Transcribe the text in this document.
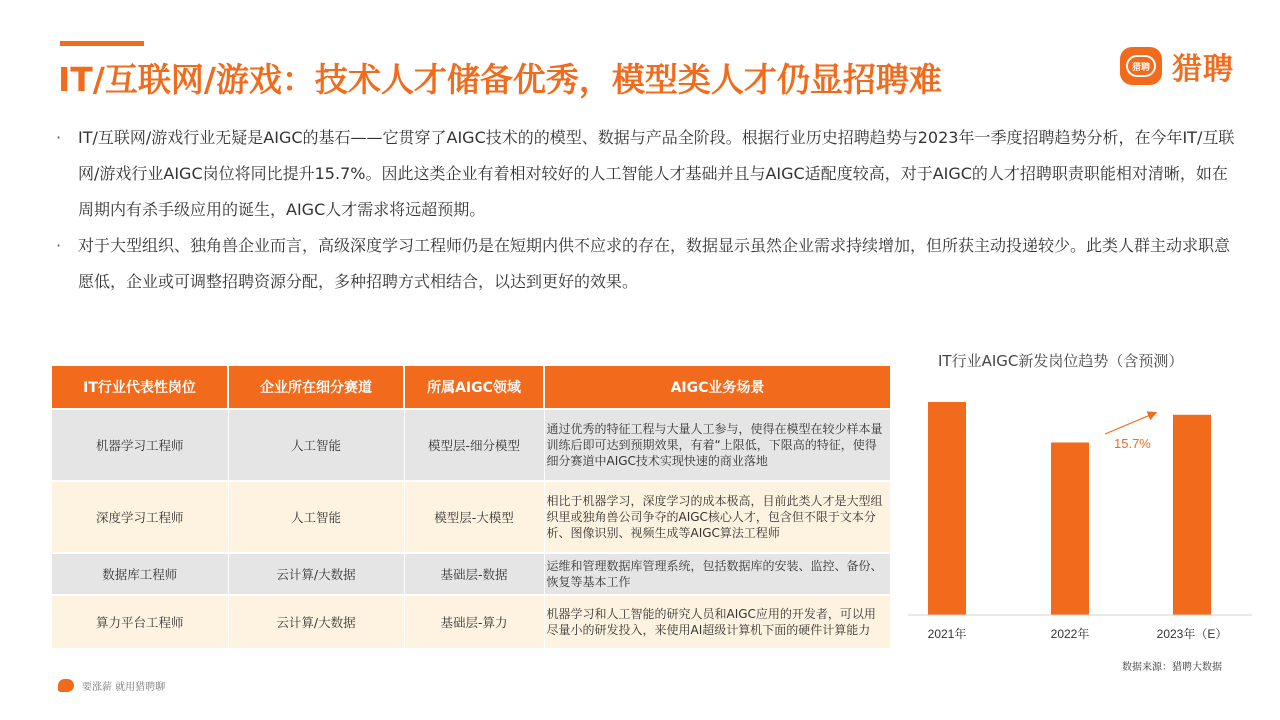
IT/互联网/游戏：技术人才储备优秀，模型类人才仍显招聘难	猎聘 猎聘
· IT/互联网/游戏行业无疑是AIGC的基石——它贯穿了AIGC技术的的模型、数据与产品全阶段。根据行业历史招聘趋势与2023年一季度招聘趋势分析，在今年IT/互联网/游戏行业AIGC岗位将同比提升15.7%。因此这类企业有着相对较好的人工智能人才基础并且与AIGC适配度较高，对于AIGC的人才招聘职责职能相对清晰，如在周期内有杀手级应用的诞生，AIGC人才需求将远超预期。
· 对于大型组织、独角兽企业而言，高级深度学习工程师仍是在短期内供不应求的存在，数据显示虽然企业需求持续增加，但所获主动投递较少。此类人群主动求职意愿低，企业或可调整招聘资源分配，多种招聘方式相结合，以达到更好的效果。
IT行业代表性岗位	企业所在细分赛道	所属AIGC领域	AIGC业务场景
机器学习工程师	人工智能	模型层-细分模型	通过优秀的特征工程与大量人工参与，使得在模型在较少样本量训练后即可达到预期效果，有着“上限低，下限高的特征，使得细分赛道中AIGC技术实现快速的商业落地
深度学习工程师	人工智能	模型层-大模型	相比于机器学习，深度学习的成本极高，目前此类人才是大型组织里或独角兽公司争夺的AIGC核心人才，包含但不限于文本分析、图像识别、视频生成等AIGC算法工程师
数据库工程师	云计算/大数据	基础层-数据	运维和管理数据库管理系统，包括数据库的安装、监控、备份、恢复等基本工作
算力平台工程师	云计算/大数据	基础层-算力	机器学习和人工智能的研究人员和AIGC应用的开发者，可以用尽量小的研发投入，来使用AI超级计算机下面的硬件计算能力
IT行业AIGC新发岗位趋势（含预测）
15.7%
2021年	2022年	2023年（E）
数据来源：猎聘大数据
要涨薪 就用猎聘聊
